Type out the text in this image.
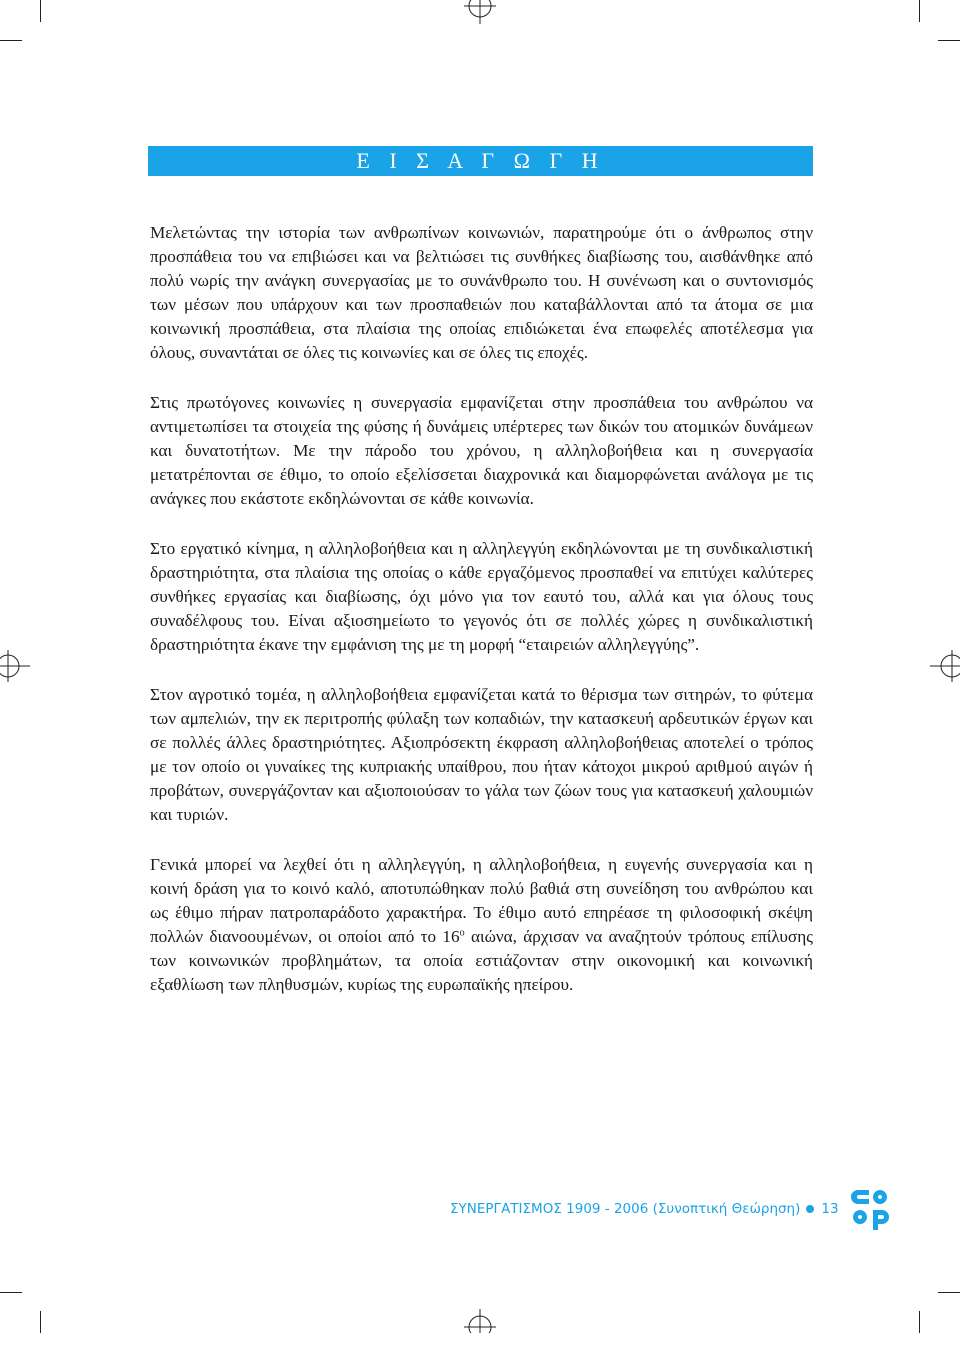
Ε Ι Σ Α Γ Ω Γ Η

Μελετώντας την ιστορία των ανθρωπίνων κοινωνιών, παρατηρούμε ότι ο άνθρωπος στην προσπάθεια του να επιβιώσει και να βελτιώσει τις συνθήκες διαβίωσης του, αισθάνθηκε από πολύ νωρίς την ανάγκη συνεργασίας με το συνάνθρωπο του. Η συνένωση και ο συντονισμός των μέσων που υπάρχουν και των προσπαθειών που καταβάλλονται από τα άτομα σε μια κοινωνική προσπάθεια, στα πλαίσια της οποίας επιδιώκεται ένα επωφελές αποτέλεσμα για όλους, συναντάται σε όλες τις κοινωνίες και σε όλες τις εποχές.

Στις πρωτόγονες κοινωνίες η συνεργασία εμφανίζεται στην προσπάθεια του ανθρώπου να αντιμετωπίσει τα στοιχεία της φύσης ή δυνάμεις υπέρτερες των δικών του ατομικών δυνάμεων και δυνατοτήτων. Με την πάροδο του χρόνου, η αλληλοβοήθεια και η συνεργασία μετατρέπονται σε έθιμο, το οποίο εξελίσσεται διαχρονικά και διαμορφώνεται ανάλογα με τις ανάγκες που εκάστοτε εκδηλώνονται σε κάθε κοινωνία.

Στο εργατικό κίνημα, η αλληλοβοήθεια και η αλληλεγγύη εκδηλώνονται με τη συνδικαλιστική δραστηριότητα, στα πλαίσια της οποίας ο κάθε εργαζόμενος προσπαθεί να επιτύχει καλύτερες συνθήκες εργασίας και διαβίωσης, όχι μόνο για τον εαυτό του, αλλά και για όλους τους συναδέλφους του. Είναι αξιοσημείωτο το γεγονός ότι σε πολλές χώρες η συνδικαλιστική δραστηριότητα έκανε την εμφάνιση της με τη μορφή “εταιρειών αλληλεγγύης”.

Στον αγροτικό τομέα, η αλληλοβοήθεια εμφανίζεται κατά το θέρισμα των σιτηρών, το φύτεμα των αμπελιών, την εκ περιτροπής φύλαξη των κοπαδιών, την κατασκευή αρδευτικών έργων και σε πολλές άλλες δραστηριότητες. Αξιοπρόσεκτη έκφραση αλληλοβοήθειας αποτελεί ο τρόπος με τον οποίο οι γυναίκες της κυπριακής υπαίθρου, που ήταν κάτοχοι μικρού αριθμού αιγών ή προβάτων, συνεργάζονταν και αξιοποιούσαν το γάλα των ζώων τους για κατασκευή χαλουμιών και τυριών.

Γενικά μπορεί να λεχθεί ότι η αλληλεγγύη, η αλληλοβοήθεια, η ευγενής συνεργασία και η κοινή δράση για το κοινό καλό, αποτυπώθηκαν πολύ βαθιά στη συνείδηση του ανθρώπου και ως έθιμο πήραν πατροπαράδοτο χαρακτήρα. Το έθιμο αυτό επηρέασε τη φιλοσοφική σκέψη πολλών διανοουμένων, οι οποίοι από το $16^o$ αιώνα, άρχισαν να αναζητούν τρόπους επίλυσης των κοινωνικών προβλημάτων, τα οποία εστιάζονταν στην οικονομική και κοινωνική εξαθλίωση των πληθυσμών, κυρίως της ευρωπαϊκής ηπείρου.

ΣΥΝΕΡΓΑΤΙΣΜΟΣ 1909 - 2006 (Συνοπτική Θεώρηση) 13
